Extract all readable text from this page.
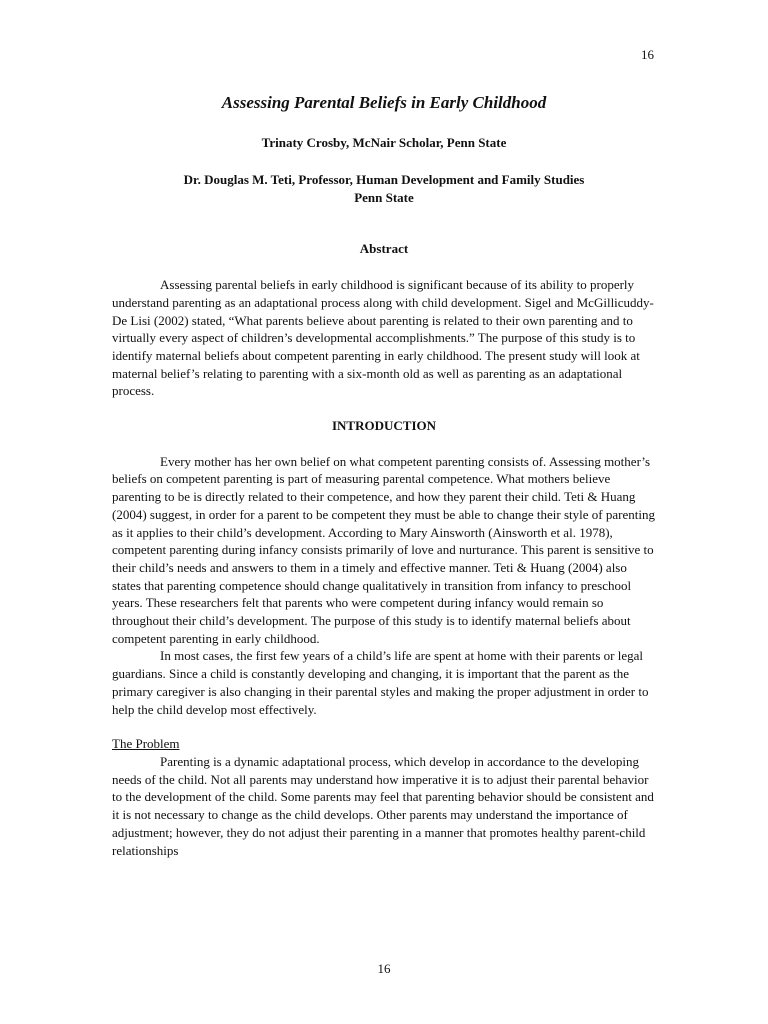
16
Assessing Parental Beliefs in Early Childhood
Trinaty Crosby, McNair Scholar, Penn State
Dr. Douglas M. Teti, Professor, Human Development and Family Studies
Penn State
Abstract

Assessing parental beliefs in early childhood is significant because of its ability to properly understand parenting as an adaptational process along with child development. Sigel and McGillicuddy-De Lisi (2002) stated, “What parents believe about parenting is related to their own parenting and to virtually every aspect of children’s developmental accomplishments.” The purpose of this study is to identify maternal beliefs about competent parenting in early childhood. The present study will look at maternal belief’s relating to parenting with a six-month old as well as parenting as an adaptational process.

INTRODUCTION

Every mother has her own belief on what competent parenting consists of. Assessing mother’s beliefs on competent parenting is part of measuring parental competence. What mothers believe parenting to be is directly related to their competence, and how they parent their child. Teti & Huang (2004) suggest, in order for a parent to be competent they must be able to change their style of parenting as it applies to their child’s development. According to Mary Ainsworth (Ainsworth et al. 1978), competent parenting during infancy consists primarily of love and nurturance. This parent is sensitive to their child’s needs and answers to them in a timely and effective manner. Teti & Huang (2004) also states that parenting competence should change qualitatively in transition from infancy to preschool years. These researchers felt that parents who were competent during infancy would remain so throughout their child’s development. The purpose of this study is to identify maternal beliefs about competent parenting in early childhood.

In most cases, the first few years of a child’s life are spent at home with their parents or legal guardians. Since a child is constantly developing and changing, it is important that the parent as the primary caregiver is also changing in their parental styles and making the proper adjustment in order to help the child develop most effectively.

The Problem

Parenting is a dynamic adaptational process, which develop in accordance to the developing needs of the child. Not all parents may understand how imperative it is to adjust their parental behavior to the development of the child. Some parents may feel that parenting behavior should be consistent and it is not necessary to change as the child develops. Other parents may understand the importance of adjustment; however, they do not adjust their parenting in a manner that promotes healthy parent-child relationships

16
